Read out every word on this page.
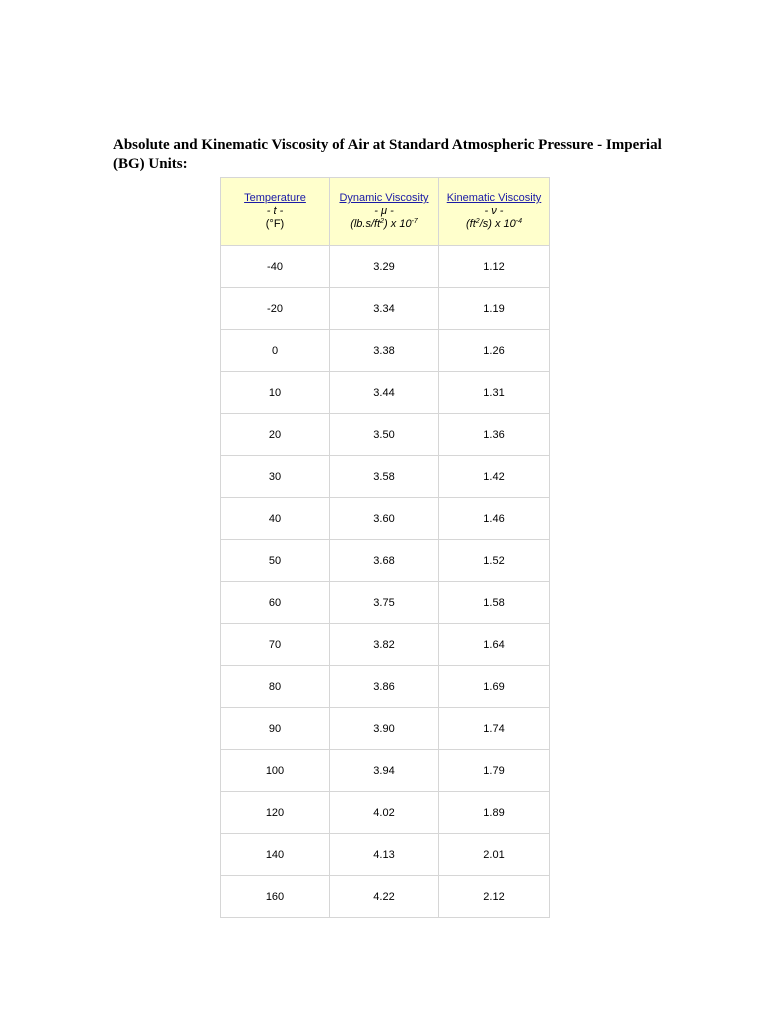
Absolute and Kinematic Viscosity of Air at Standard Atmospheric Pressure - Imperial (BG) Units:
Temperature
- t -
(°F)	Dynamic Viscosity
- μ -
$(lb.s/ft^2)$ x $10^{-7}$	Kinematic Viscosity
- ν -
$(ft^2/s)$ x $10^{-4}$

-40	3.29	1.12
-20	3.34	1.19
0	3.38	1.26
10	3.44	1.31
20	3.50	1.36
30	3.58	1.42
40	3.60	1.46
50	3.68	1.52
60	3.75	1.58
70	3.82	1.64
80	3.86	1.69
90	3.90	1.74
100	3.94	1.79
120	4.02	1.89
140	4.13	2.01
160	4.22	2.12
